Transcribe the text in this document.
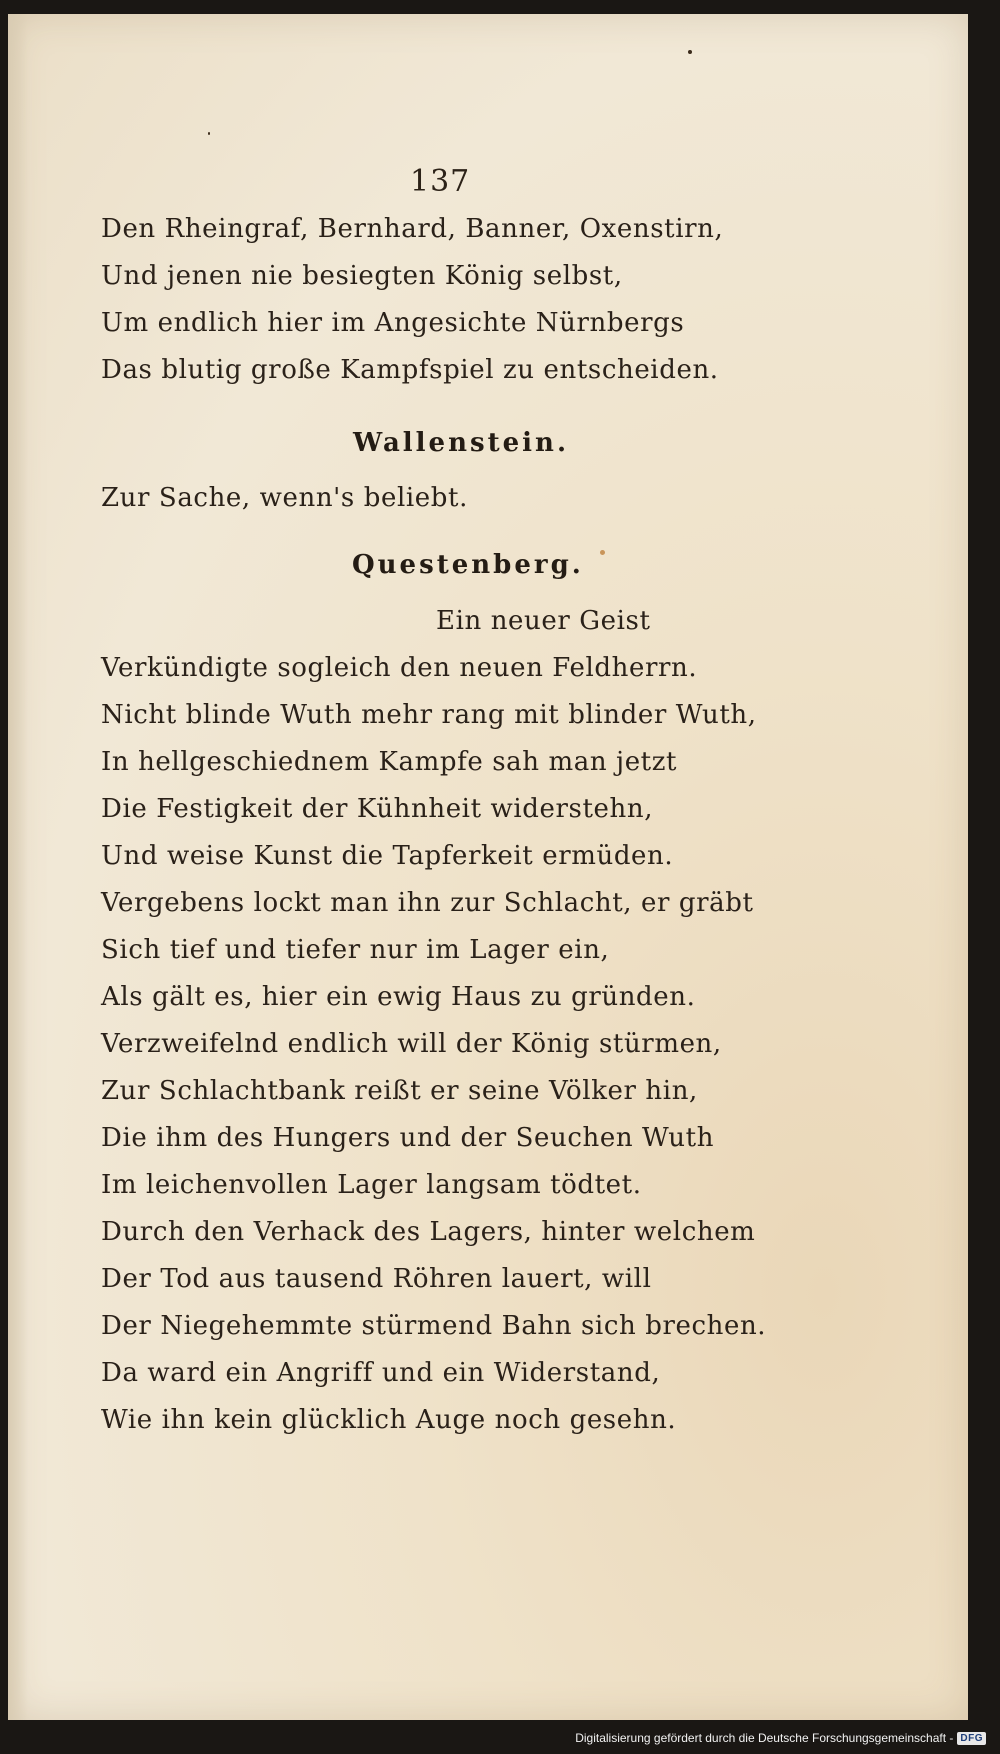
137
Den Rheingraf, Bernhard, Banner, Oxenstirn,
Und jenen nie besiegten König selbst,
Um endlich hier im Angesichte Nürnbergs
Das blutig große Kampfspiel zu entscheiden.
Wallenstein.
Zur Sache, wenn's beliebt.
Questenberg.
Ein neuer Geist
Verkündigte sogleich den neuen Feldherrn.
Nicht blinde Wuth mehr rang mit blinder Wuth,
In hellgeschiednem Kampfe sah man jetzt
Die Festigkeit der Kühnheit widerstehn,
Und weise Kunst die Tapferkeit ermüden.
Vergebens lockt man ihn zur Schlacht, er gräbt
Sich tief und tiefer nur im Lager ein,
Als gält es, hier ein ewig Haus zu gründen.
Verzweifelnd endlich will der König stürmen,
Zur Schlachtbank reißt er seine Völker hin,
Die ihm des Hungers und der Seuchen Wuth
Im leichenvollen Lager langsam tödtet.
Durch den Verhack des Lagers, hinter welchem
Der Tod aus tausend Röhren lauert, will
Der Niegehemmte stürmend Bahn sich brechen.
Da ward ein Angriff und ein Widerstand,
Wie ihn kein glücklich Auge noch gesehn.
Digitalisierung gefördert durch die Deutsche Forschungsgemeinschaft - DFG
